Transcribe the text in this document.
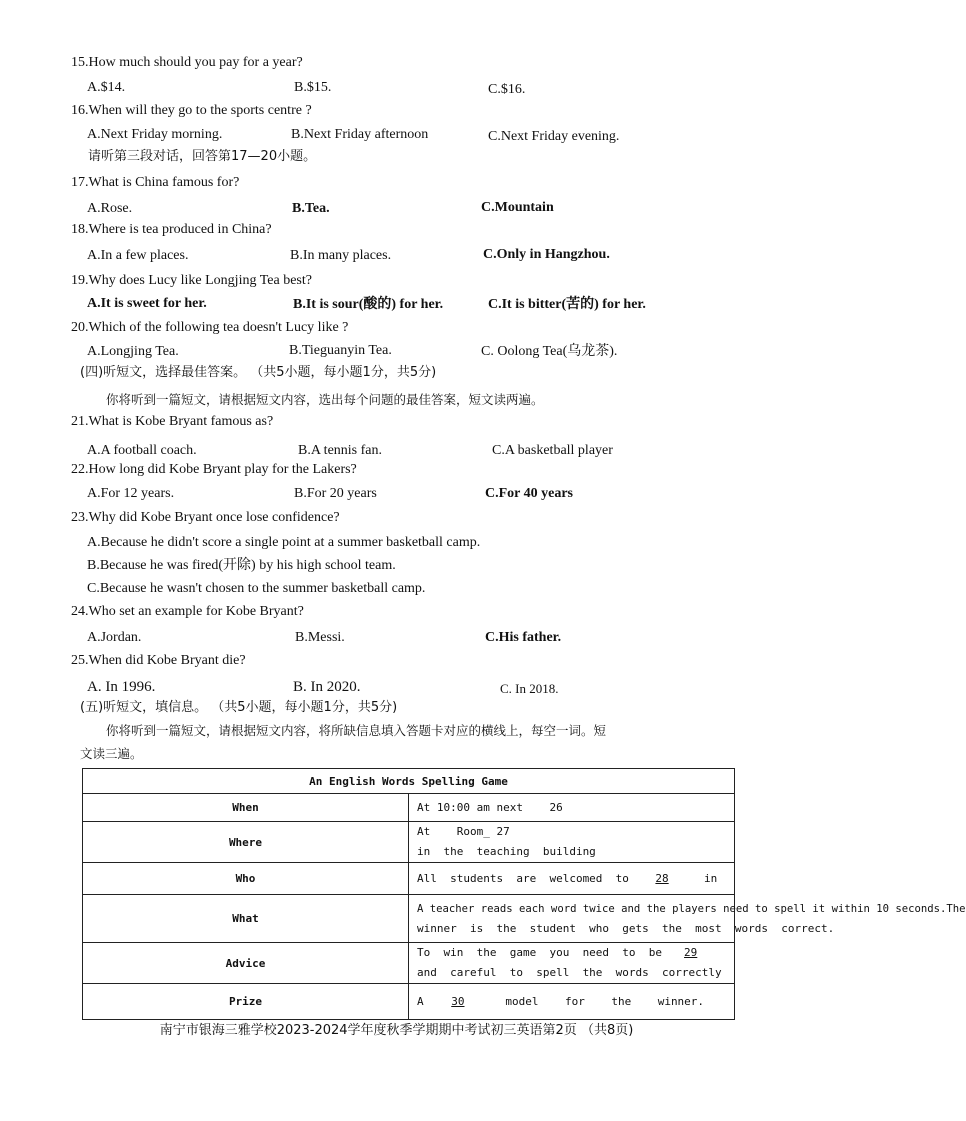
15.How much should you pay for a year?
A.$14.	B.$15.	C.$16.
16.When will they go to the sports centre ?
A.Next Friday morning.	B.Next Friday afternoon	C.Next Friday evening.
请听第三段对话，回答第17—20小题。
17.What is China famous for?
A.Rose.	B.Tea.	C.Mountain
18.Where is tea produced in China?
A.In a few places.	B.In many places.	C.Only in Hangzhou.
19.Why does Lucy like Longjing Tea best?
A.It is sweet for her.	B.It is sour(酸的) for her.	C.It is bitter(苦的) for her.
20.Which of the following tea doesn't Lucy like ?
A.Longjing Tea.	B.Tieguanyin Tea.	C. Oolong Tea(乌龙茶).
(四)听短文，选择最佳答案。 （共5小题，每小题1分，共5分)
你将听到一篇短文，请根据短文内容，选出每个问题的最佳答案，短文读两遍。
21.What is Kobe Bryant famous as?
A.A football coach.	B.A tennis fan.	C.A basketball player
22.How long did Kobe Bryant play for the Lakers?
A.For 12 years.	B.For 20 years	C.For 40 years
23.Why did Kobe Bryant once lose confidence?
A.Because he didn't score a single point at a summer basketball camp.
B.Because he was fired(开除) by his high school team.
C.Because he wasn't chosen to the summer basketball camp.
24.Who set an example for Kobe Bryant?
A.Jordan.	B.Messi.	C.His father.
25.When did Kobe Bryant die?
A. In 1996.	B. In 2020.	C. In 2018.
(五)听短文，填信息。 （共5小题，每小题1分，共5分)
你将听到一篇短文，请根据短文内容，将所缺信息填入答题卡对应的横线上，每空一词。短
文读三遍。
An English Words Spelling Game	
When	At 10:00 am next 26
Where	At    Room_ 27      in  the  teaching  building
Who	All  students  are  welcomed  to 28 in
What	A teacher reads each word twice and the players need to spell it within 10 seconds.The
winner  is  the  student  who  gets  the  most  words  correct.

Advice	To  win  the  game  you  need  to  be 29 and  careful  to  spell  the  words  correctly
Prize	A 30 model    for    the    winner.
南宁市银海三雅学校2023-2024学年度秋季学期期中考试初三英语第2页 （共8页)
